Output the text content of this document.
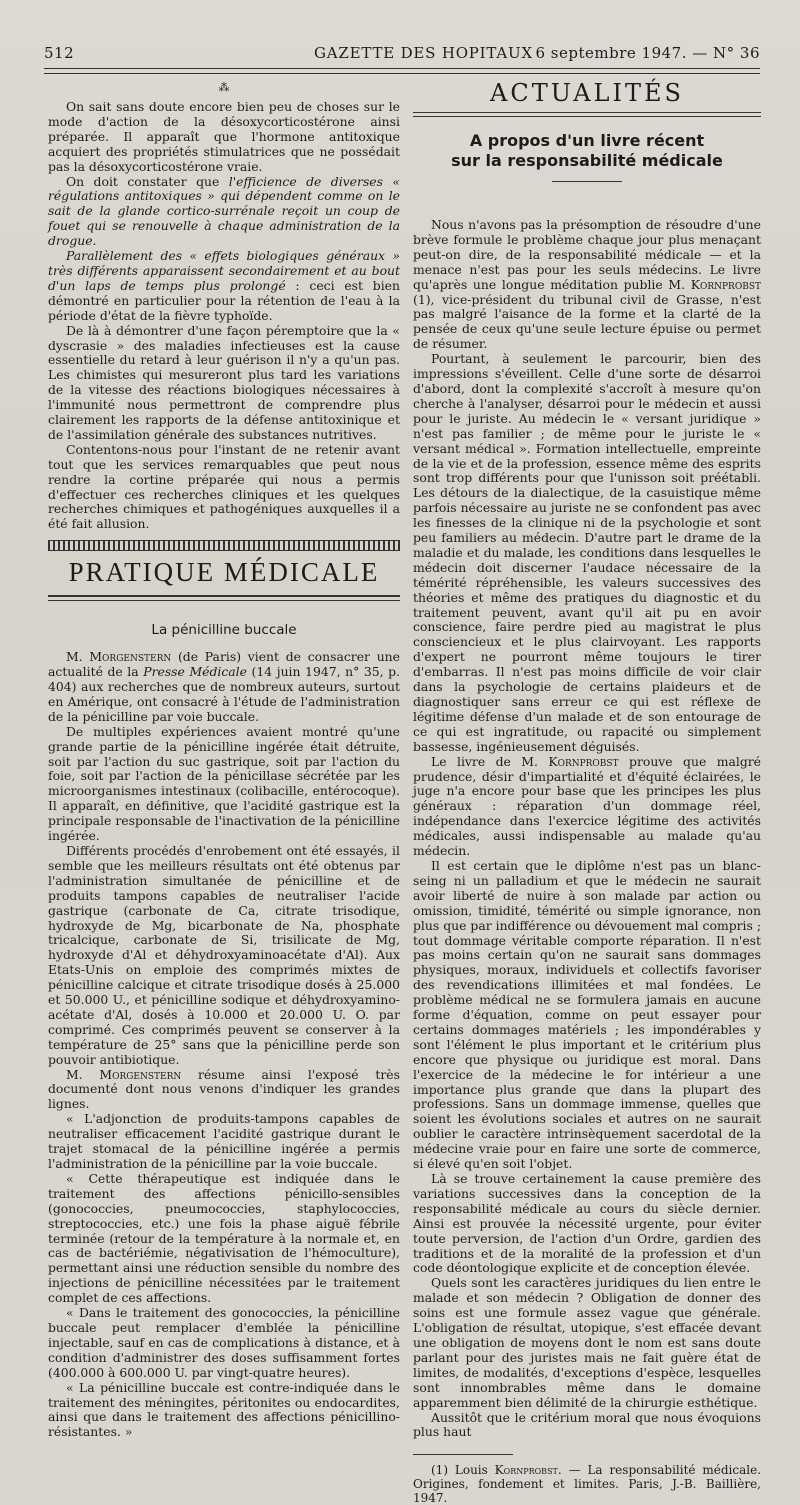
512	GAZETTE DES HOPITAUX 6 septembre 1947. — N° 36
⁂

On sait sans doute encore bien peu de choses sur le mode d'action de la désoxycorticostérone ainsi préparée. Il apparaît que l'hormone antitoxique acquiert des propriétés stimulatrices que ne possédait pas la désoxycorticostérone vraie.

On doit constater que l'efficience de diverses « régulations antitoxiques » qui dépendent comme on le sait de la glande cortico-surrénale reçoit un coup de fouet qui se renouvelle à chaque administration de la drogue.

Parallèlement des « effets biologiques généraux » très différents apparaissent secondairement et au bout d'un laps de temps plus prolongé : ceci est bien démontré en particulier pour la rétention de l'eau à la période d'état de la fièvre typhoïde.

De là à démontrer d'une façon péremptoire que la « dyscrasie » des maladies infectieuses est la cause essentielle du retard à leur guérison il n'y a qu'un pas. Les chimistes qui mesureront plus tard les variations de la vitesse des réactions biologiques nécessaires à l'immunité nous permettront de comprendre plus clairement les rapports de la défense antitoxinique et de l'assimilation générale des substances nutritives.

Contentons-nous pour l'instant de ne retenir avant tout que les services remarquables que peut nous rendre la cortine préparée qui nous a permis d'effectuer ces recherches cliniques et les quelques recherches chimiques et pathogéniques auxquelles il a été fait allusion.

PRATIQUE MÉDICALE
La pénicilline buccale

M. Morgenstern (de Paris) vient de consacrer une actualité de la Presse Médicale (14 juin 1947, n° 35, p. 404) aux recherches que de nombreux auteurs, surtout en Amérique, ont consacré à l'étude de l'administration de la pénicilline par voie buccale.

De multiples expériences avaient montré qu'une grande partie de la pénicilline ingérée était détruite, soit par l'action du suc gastrique, soit par l'action du foie, soit par l'action de la pénicillase sécrétée par les microorganismes intestinaux (colibacille, entérocoque). Il apparaît, en définitive, que l'acidité gastrique est la principale responsable de l'inactivation de la pénicilline ingérée.

Différents procédés d'enrobement ont été essayés, il semble que les meilleurs résultats ont été obtenus par l'administration simultanée de pénicilline et de produits tampons capables de neutraliser l'acide gastrique (carbonate de Ca, citrate trisodique, hydroxyde de Mg, bicarbonate de Na, phosphate tricalcique, carbonate de Si, trisilicate de Mg, hydroxyde d'Al et déhydroxyaminoacétate d'Al). Aux Etats-Unis on emploie des comprimés mixtes de pénicilline calcique et citrate trisodique dosés à 25.000 et 50.000 U., et pénicilline sodique et déhydroxyamino-acétate d'Al, dosés à 10.000 et 20.000 U. O. par comprimé. Ces comprimés peuvent se conserver à la température de 25° sans que la pénicilline perde son pouvoir antibiotique.

M. Morgenstern résume ainsi l'exposé très documenté dont nous venons d'indiquer les grandes lignes.

« L'adjonction de produits-tampons capables de neutraliser efficacement l'acidité gastrique durant le trajet stomacal de la pénicilline ingérée a permis l'administration de la pénicilline par la voie buccale.

« Cette thérapeutique est indiquée dans le traitement des affections pénicillo-sensibles (gonococcies, pneumococcies, staphylococcies, streptococcies, etc.) une fois la phase aiguë fébrile terminée (retour de la température à la normale et, en cas de bactériémie, négativisation de l'hémoculture), permettant ainsi une réduction sensible du nombre des injections de pénicilline nécessitées par le traitement complet de ces affections.

« Dans le traitement des gonococcies, la pénicilline buccale peut remplacer d'emblée la pénicilline injectable, sauf en cas de complications à distance, et à condition d'administrer des doses suffisamment fortes (400.000 à 600.000 U. par vingt-quatre heures).

« La pénicilline buccale est contre-indiquée dans le traitement des méningites, péritonites ou endocardites, ainsi que dans le traitement des affections pénicillino-résistantes. »

ACTUALITÉS
A propos d'un livre récent
sur la responsabilité médicale

Nous n'avons pas la présomption de résoudre d'une brève formule le problème chaque jour plus menaçant peut-on dire, de la responsabilité médicale — et la menace n'est pas pour les seuls médecins. Le livre qu'après une longue méditation publie M. Kornprobst (1), vice-président du tribunal civil de Grasse, n'est pas malgré l'aisance de la forme et la clarté de la pensée de ceux qu'une seule lecture épuise ou permet de résumer.

Pourtant, à seulement le parcourir, bien des impressions s'éveillent. Celle d'une sorte de désarroi d'abord, dont la complexité s'accroît à mesure qu'on cherche à l'analyser, désarroi pour le médecin et aussi pour le juriste. Au médecin le « versant juridique » n'est pas familier ; de même pour le juriste le « versant médical ». Formation intellectuelle, empreinte de la vie et de la profession, essence même des esprits sont trop différents pour que l'unisson soit préétabli. Les détours de la dialectique, de la casuistique même parfois nécessaire au juriste ne se confondent pas avec les finesses de la clinique ni de la psychologie et sont peu familiers au médecin. D'autre part le drame de la maladie et du malade, les conditions dans lesquelles le médecin doit discerner l'audace nécessaire de la témérité répréhensible, les valeurs successives des théories et même des pratiques du diagnostic et du traitement peuvent, avant qu'il ait pu en avoir conscience, faire perdre pied au magistrat le plus consciencieux et le plus clairvoyant. Les rapports d'expert ne pourront même toujours le tirer d'embarras. Il n'est pas moins difficile de voir clair dans la psychologie de certains plaideurs et de diagnostiquer sans erreur ce qui est réflexe de légitime défense d'un malade et de son entourage de ce qui est ingratitude, ou rapacité ou simplement bassesse, ingénieusement déguisés.

Le livre de M. Kornprobst prouve que malgré prudence, désir d'impartialité et d'équité éclairées, le juge n'a encore pour base que les principes les plus généraux : réparation d'un dommage réel, indépendance dans l'exercice légitime des activités médicales, aussi indispensable au malade qu'au médecin.

Il est certain que le diplôme n'est pas un blanc-seing ni un palladium et que le médecin ne saurait avoir liberté de nuire à son malade par action ou omission, timidité, témérité ou simple ignorance, non plus que par indifférence ou dévouement mal compris ; tout dommage véritable comporte réparation. Il n'est pas moins certain qu'on ne saurait sans dommages physiques, moraux, individuels et collectifs favoriser des revendications illimitées et mal fondées. Le problème médical ne se formulera jamais en aucune forme d'équation, comme on peut essayer pour certains dommages matériels ; les impondérables y sont l'élément le plus important et le critérium plus encore que physique ou juridique est moral. Dans l'exercice de la médecine le for intérieur a une importance plus grande que dans la plupart des professions. Sans un dommage immense, quelles que soient les évolutions sociales et autres on ne saurait oublier le caractère intrinsèquement sacerdotal de la médecine vraie pour en faire une sorte de commerce, si élevé qu'en soit l'objet.

Là se trouve certainement la cause première des variations successives dans la conception de la responsabilité médicale au cours du siècle dernier. Ainsi est prouvée la nécessité urgente, pour éviter toute perversion, de l'action d'un Ordre, gardien des traditions et de la moralité de la profession et d'un code déontologique explicite et de conception élevée.

Quels sont les caractères juridiques du lien entre le malade et son médecin ? Obligation de donner des soins est une formule assez vague que générale. L'obligation de résultat, utopique, s'est effacée devant une obligation de moyens dont le nom est sans doute parlant pour des juristes mais ne fait guère état de limites, de modalités, d'exceptions d'espèce, lesquelles sont innombrables même dans le domaine apparemment bien délimité de la chirurgie esthétique.

Aussitôt que le critérium moral que nous évoquions plus haut

(1) Louis Kornprobst. — La responsabilité médicale. Origines, fondement et limites. Paris, J.-B. Baillière, 1947.
